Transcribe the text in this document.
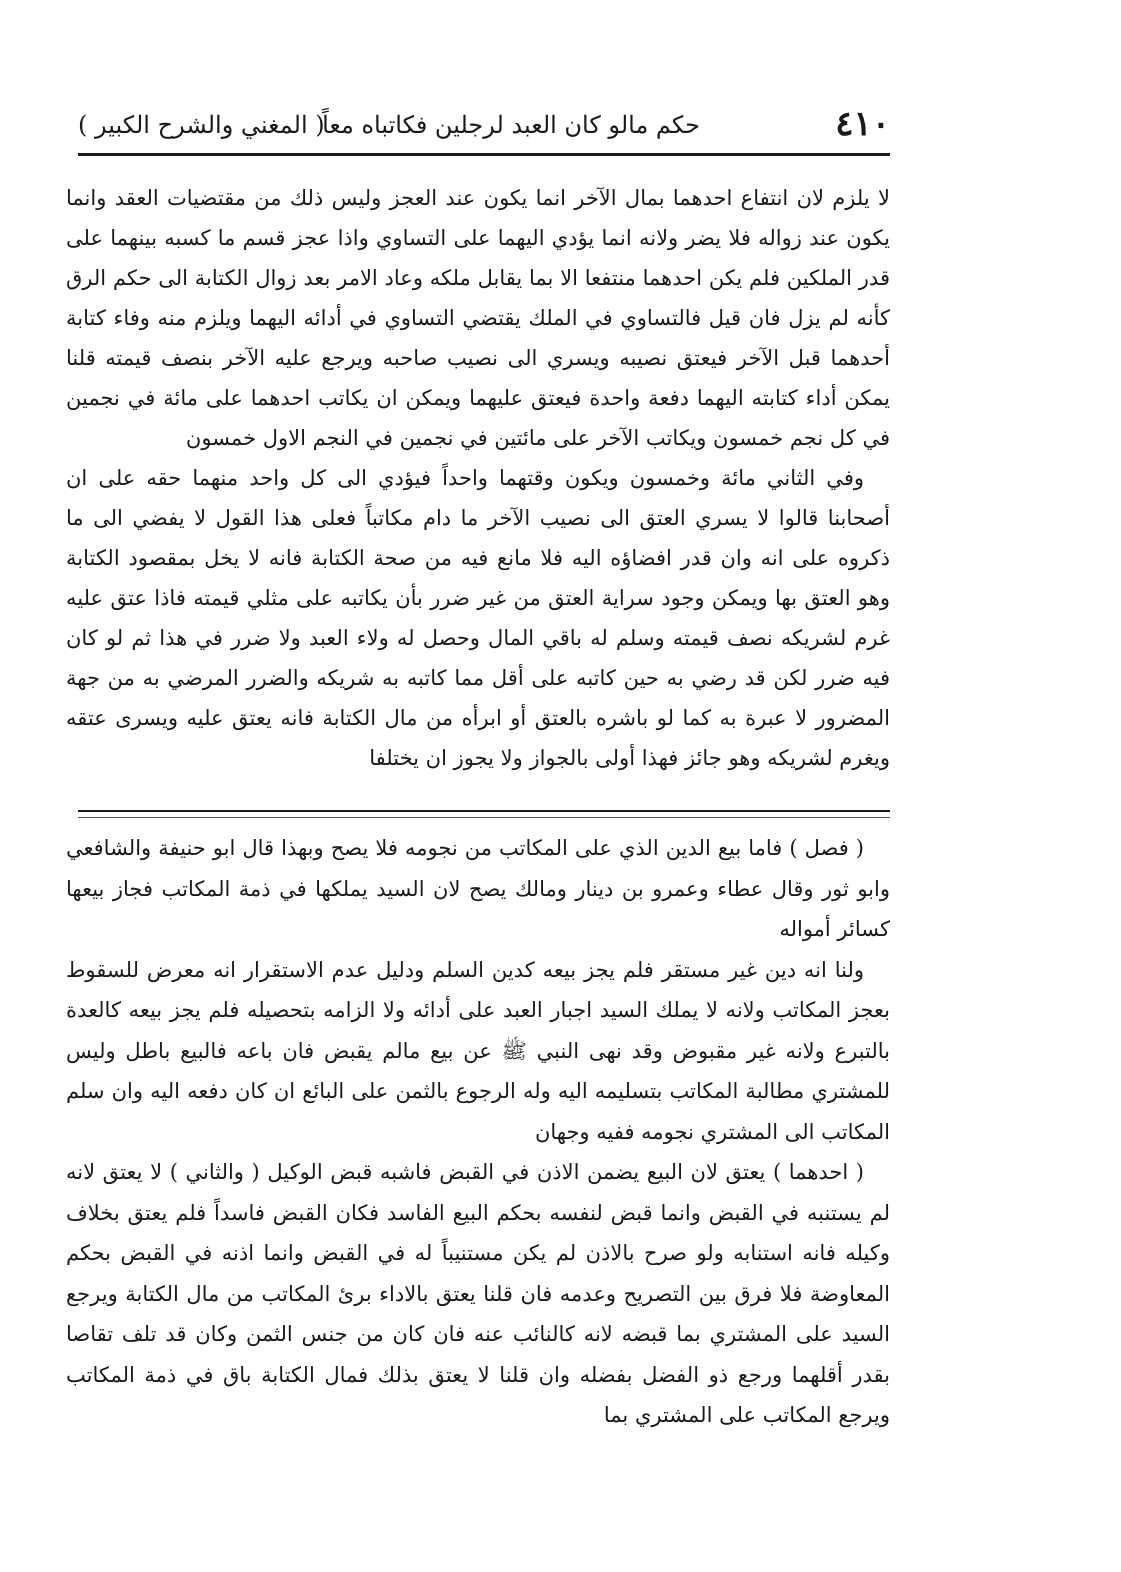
٤١٠
حكم مالو كان العبد لرجلين فكاتباه معاً
( المغني والشرح الكبير )

لا يلزم لان انتفاع احدهما بمال الآخر انما يكون عند العجز وليس ذلك من مقتضيات العقد وانما يكون عند زواله فلا يضر ولانه انما يؤدي اليهما على التساوي واذا عجز قسم ما كسبه بينهما على قدر الملكين فلم يكن احدهما منتفعا الا بما يقابل ملكه وعاد الامر بعد زوال الكتابة الى حكم الرق كأنه لم يزل فان قيل فالتساوي في الملك يقتضي التساوي في أدائه اليهما ويلزم منه وفاء كتابة أحدهما قبل الآخر فيعتق نصيبه ويسري الى نصيب صاحبه ويرجع عليه الآخر بنصف قيمته قلنا يمكن أداء كتابته اليهما دفعة واحدة فيعتق عليهما ويمكن ان يكاتب احدهما على مائة في نجمين في كل نجم خمسون ويكاتب الآخر على مائتين في نجمين في النجم الاول خمسون

وفي الثاني مائة وخمسون ويكون وقتهما واحداً فيؤدي الى كل واحد منهما حقه على ان أصحابنا قالوا لا يسري العتق الى نصيب الآخر ما دام مكاتباً فعلى هذا القول لا يفضي الى ما ذكروه على انه وان قدر افضاؤه اليه فلا مانع فيه من صحة الكتابة فانه لا يخل بمقصود الكتابة وهو العتق بها ويمكن وجود سراية العتق من غير ضرر بأن يكاتبه على مثلي قيمته فاذا عتق عليه غرم لشريكه نصف قيمته وسلم له باقي المال وحصل له ولاء العبد ولا ضرر في هذا ثم لو كان فيه ضرر لكن قد رضي به حين كاتبه على أقل مما كاتبه به شريكه والضرر المرضي به من جهة المضرور لا عبرة به كما لو باشره بالعتق أو ابرأه من مال الكتابة فانه يعتق عليه ويسرى عتقه ويغرم لشريكه وهو جائز فهذا أولى بالجواز ولا يجوز ان يختلفا

( فصل ) فاما بيع الدين الذي على المكاتب من نجومه فلا يصح وبهذا قال ابو حنيفة والشافعي وابو ثور وقال عطاء وعمرو بن دينار ومالك يصح لان السيد يملكها في ذمة المكاتب فجاز بيعها كسائر أمواله

ولنا انه دين غير مستقر فلم يجز بيعه كدين السلم ودليل عدم الاستقرار انه معرض للسقوط بعجز المكاتب ولانه لا يملك السيد اجبار العبد على أدائه ولا الزامه بتحصيله فلم يجز بيعه كالعدة بالتبرع ولانه غير مقبوض وقد نهى النبي ﷺ عن بيع مالم يقبض فان باعه فالبيع باطل وليس للمشتري مطالبة المكاتب بتسليمه اليه وله الرجوع بالثمن على البائع ان كان دفعه اليه وان سلم المكاتب الى المشتري نجومه ففيه وجهان

( احدهما ) يعتق لان البيع يضمن الاذن في القبض فاشبه قبض الوكيل ( والثاني ) لا يعتق لانه لم يستنبه في القبض وانما قبض لنفسه بحكم البيع الفاسد فكان القبض فاسداً فلم يعتق بخلاف وكيله فانه استنابه ولو صرح بالاذن لم يكن مستنيباً له في القبض وانما اذنه في القبض بحكم المعاوضة فلا فرق بين التصريح وعدمه فان قلنا يعتق بالاداء برئ المكاتب من مال الكتابة ويرجع السيد على المشتري بما قبضه لانه كالنائب عنه فان كان من جنس الثمن وكان قد تلف تقاصا بقدر أقلهما ورجع ذو الفضل بفضله وان قلنا لا يعتق بذلك فمال الكتابة باق في ذمة المكاتب ويرجع المكاتب على المشتري بما
